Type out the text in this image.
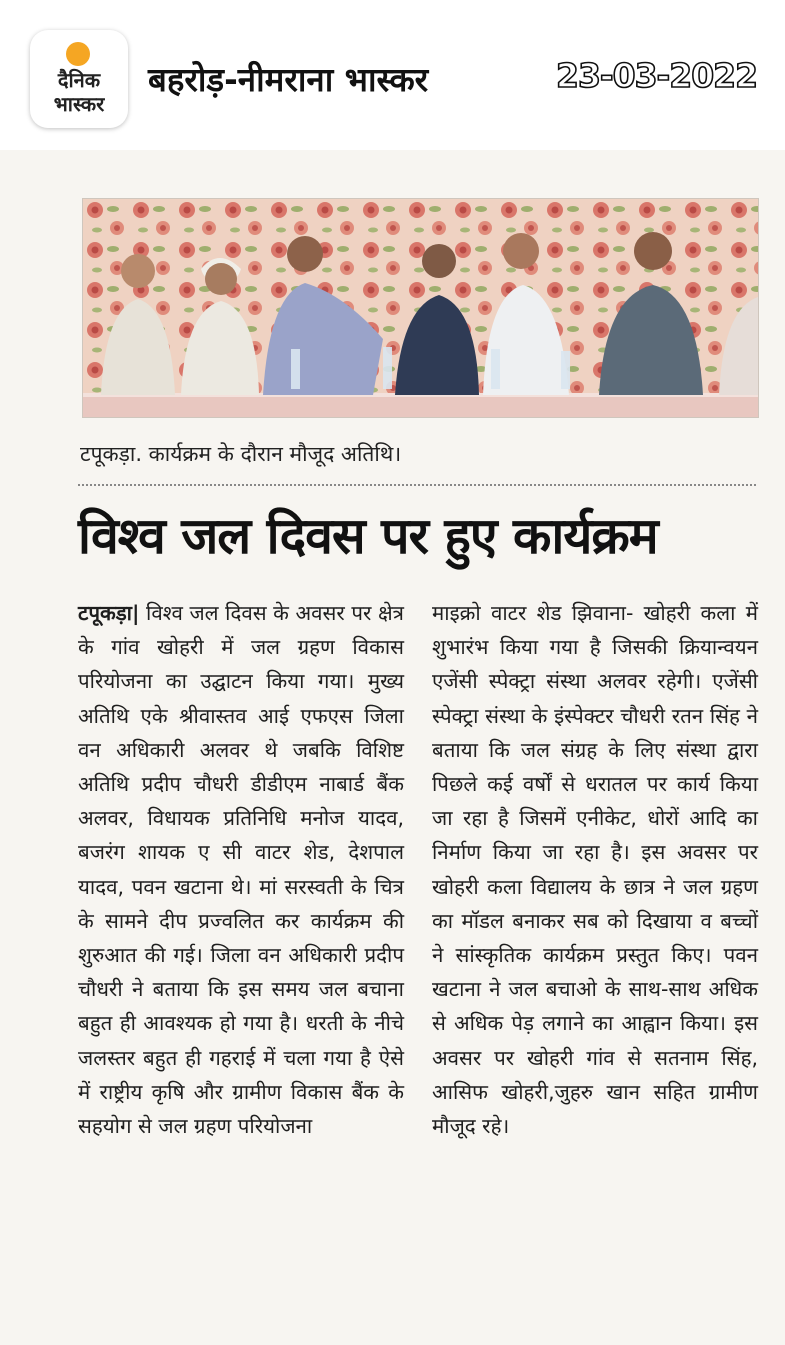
दैनिक
भास्कर
बहरोड़-नीमराना भास्कर	23-03-2022
टपूकड़ा. कार्यक्रम के दौरान मौजूद अतिथि।
विश्व जल दिवस पर हुए कार्यक्रम
टपूकड़ा| विश्व जल दिवस के अवसर पर क्षेत्र के गांव खोहरी में जल ग्रहण विकास परियोजना का उद्घाटन किया गया। मुख्य अतिथि एके श्रीवास्तव आई एफएस जिला वन अधिकारी अलवर थे जबकि विशिष्ट अतिथि प्रदीप चौधरी डीडीएम नाबार्ड बैंक अलवर, विधायक प्रतिनिधि मनोज यादव, बजरंग शायक ए सी वाटर शेड, देशपाल यादव, पवन खटाना थे। मां सरस्वती के चित्र के सामने दीप प्रज्वलित कर कार्यक्रम की शुरुआत की गई। जिला वन अधिकारी प्रदीप चौधरी ने बताया कि इस समय जल बचाना बहुत ही आवश्यक हो गया है। धरती के नीचे जलस्तर बहुत ही गहराई में चला गया है ऐसे में राष्ट्रीय कृषि और ग्रामीण विकास बैंक के सहयोग से जल ग्रहण परियोजना
माइक्रो वाटर शेड झिवाना- खोहरी कला में शुभारंभ किया गया है जिसकी क्रियान्वयन एजेंसी स्पेक्ट्रा संस्था अलवर रहेगी। एजेंसी स्पेक्ट्रा संस्था के इंस्पेक्टर चौधरी रतन सिंह ने बताया कि जल संग्रह के लिए संस्था द्वारा पिछले कई वर्षों से धरातल पर कार्य किया जा रहा है जिसमें एनीकेट, धोरों आदि का निर्माण किया जा रहा है। इस अवसर पर खोहरी कला विद्यालय के छात्र ने जल ग्रहण का मॉडल बनाकर सब को दिखाया व बच्चों ने सांस्कृतिक कार्यक्रम प्रस्तुत किए। पवन खटाना ने जल बचाओ के साथ-साथ अधिक से अधिक पेड़ लगाने का आह्वान किया। इस अवसर पर खोहरी गांव से सतनाम सिंह, आसिफ खोहरी,जुहरु खान सहित ग्रामीण मौजूद रहे।
